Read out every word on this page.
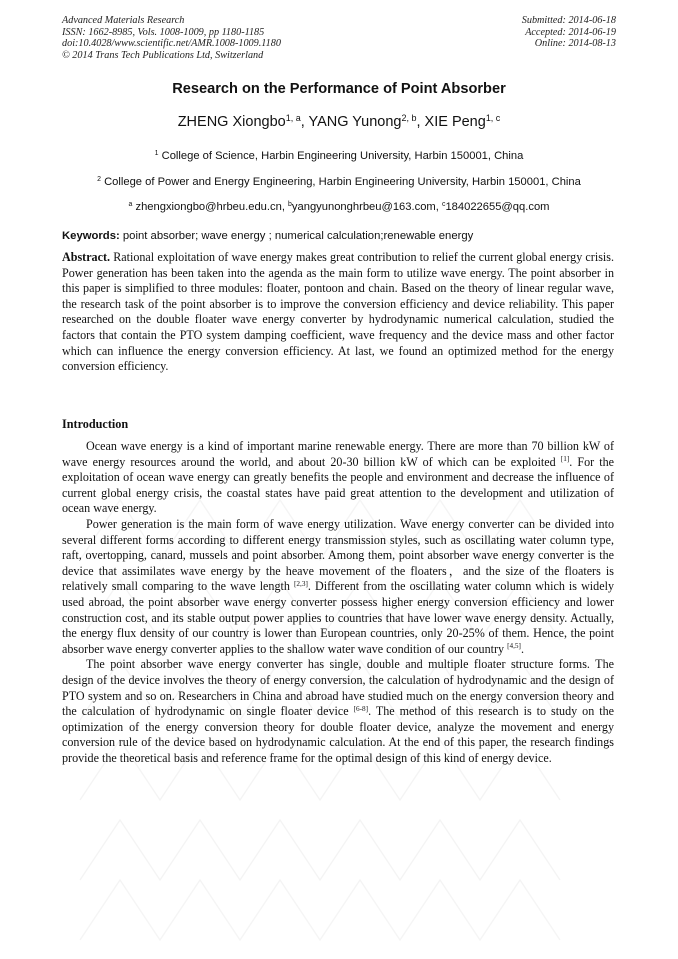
Advanced Materials Research
ISSN: 1662-8985, Vols. 1008-1009, pp 1180-1185
doi:10.4028/www.scientific.net/AMR.1008-1009.1180
© 2014 Trans Tech Publications Ltd, Switzerland
Submitted: 2014-06-18
Accepted: 2014-06-19
Online: 2014-08-13
Research on the Performance of Point Absorber
ZHENG Xiongbo$^{1, a}$, YANG Yunong$^{2, b}$, XIE Peng$^{1, c}$
$^1$ College of Science, Harbin Engineering University, Harbin 150001, China
$^2$ College of Power and Energy Engineering, Harbin Engineering University, Harbin 150001, China
$^a$ zhengxiongbo@hrbeu.edu.cn, $^b$yangyunonghrbeu@163.com, $^c$184022655@qq.com
Keywords: point absorber; wave energy ; numerical calculation;renewable energy
Abstract. Rational exploitation of wave energy makes great contribution to relief the current global energy crisis. Power generation has been taken into the agenda as the main form to utilize wave energy. The point absorber in this paper is simplified to three modules: floater, pontoon and chain. Based on the theory of linear regular wave, the research task of the point absorber is to improve the conversion efficiency and device reliability. This paper researched on the double floater wave energy converter by hydrodynamic numerical calculation, studied the factors that contain the PTO system damping coefficient, wave frequency and the device mass and other factor which can influence the energy conversion efficiency. At last, we found an optimized method for the energy conversion efficiency.
Introduction

Ocean wave energy is a kind of important marine renewable energy. There are more than 70 billion kW of wave energy resources around the world, and about 20-30 billion kW of which can be exploited [1]. For the exploitation of ocean wave energy can greatly benefits the people and environment and decrease the influence of current global energy crisis, the coastal states have paid great attention to the development and utilization of ocean wave energy.

Power generation is the main form of wave energy utilization. Wave energy converter can be divided into several different forms according to different energy transmission styles, such as oscillating water column type, raft, overtopping, canard, mussels and point absorber. Among them, point absorber wave energy converter is the device that assimilates wave energy by the heave movement of the floaters，and the size of the floaters is relatively small comparing to the wave length [2,3]. Different from the oscillating water column which is widely used abroad, the point absorber wave energy converter possess higher energy conversion efficiency and lower construction cost, and its stable output power applies to countries that have lower wave energy density. Actually, the energy flux density of our country is lower than European countries, only 20-25% of them. Hence, the point absorber wave energy converter applies to the shallow water wave condition of our country [4,5].

The point absorber wave energy converter has single, double and multiple floater structure forms. The design of the device involves the theory of energy conversion, the calculation of hydrodynamic and the design of PTO system and so on. Researchers in China and abroad have studied much on the energy conversion theory and the calculation of hydrodynamic on single floater device [6-8]. The method of this research is to study on the optimization of the energy conversion theory for double floater device, analyze the movement and energy conversion rule of the device based on hydrodynamic calculation. At the end of this paper, the research findings provide the theoretical basis and reference frame for the optimal design of this kind of energy device.
